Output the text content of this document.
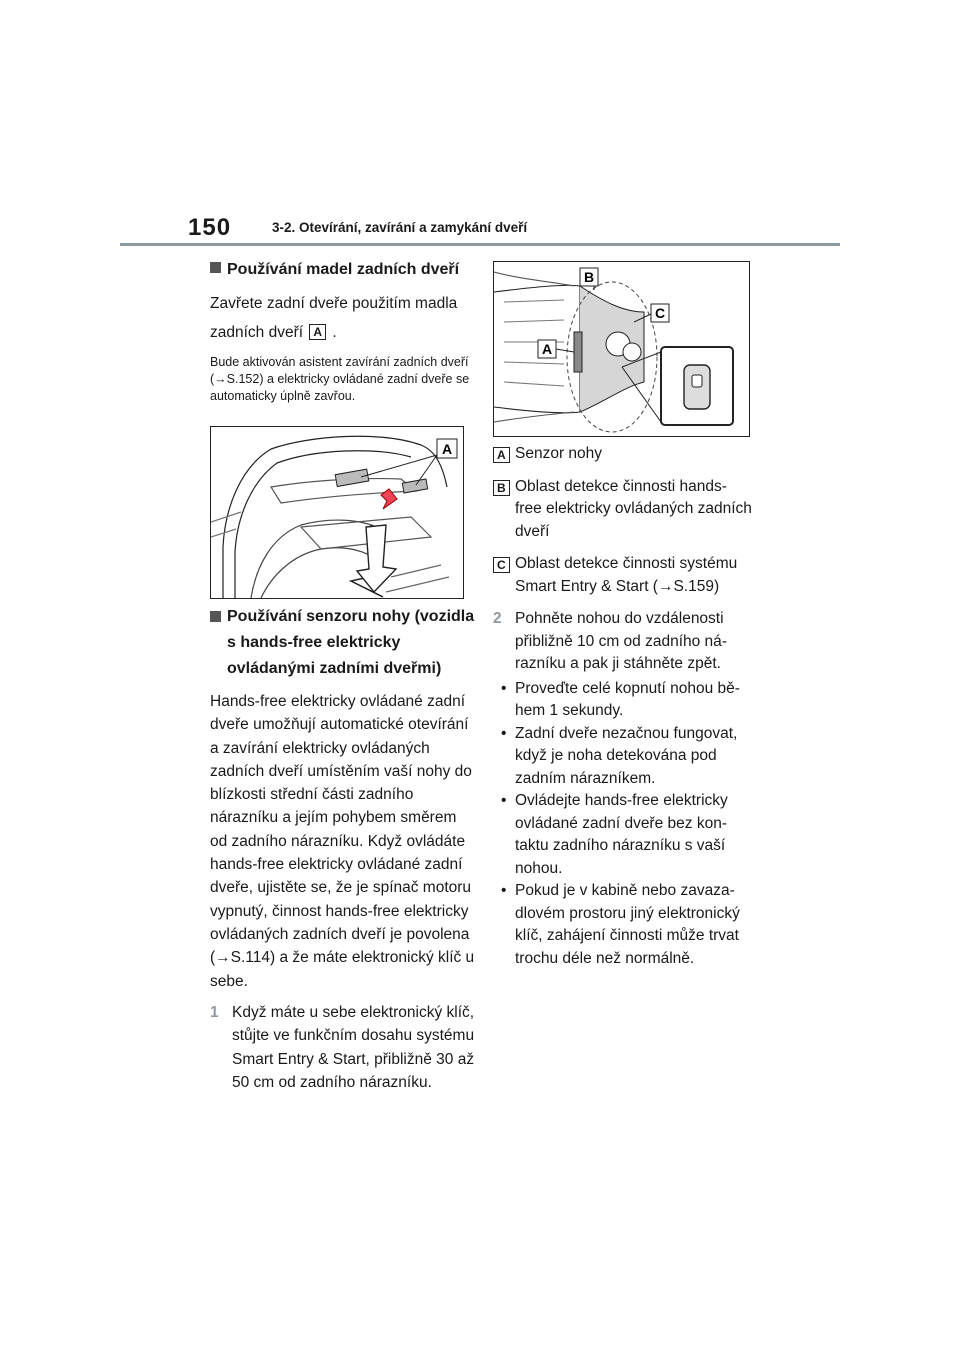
150	3-2. Otevírání, zavírání a zamykání dveří
Používání madel zadních dveří
Zavřete zadní dveře použitím madla
zadních dveří A .
Bude aktivován asistent zavírání zadních dveří (→S.152) a elektricky ovládané zadní dveře se automaticky úplně zavřou.
A
Používání senzoru nohy (vozidla s hands-free elektricky ovládanými zadními dveřmi)
Hands-free elektricky ovládané zadní dveře umožňují automatické otevírání a zavírání elektricky ovládaných zadních dveří umístěním vaší nohy do blízkosti střední části zadního nárazníku a jejím pohybem směrem od zadního nárazníku. Když ovládáte hands-free elektricky ovládané zadní dveře, ujistěte se, že je spínač motoru vypnutý, činnost hands-free elektricky ovládaných zadních dveří je povolena (→S.114) a že máte elektronický klíč u sebe.
1 Když máte u sebe elektronický klíč, stůjte ve funkčním dosahu systému Smart Entry & Start, přibližně 30 až 50 cm od zadního nárazníku.
B
C
A
A Senzor nohy
B Oblast detekce činnosti hands-free elektricky ovládaných zadních dveří
C Oblast detekce činnosti systému Smart Entry & Start (→S.159)
2 Pohněte nohou do vzdálenosti přibližně 10 cm od zadního nárazníku a pak ji stáhněte zpět.
• Proveďte celé kopnutí nohou během 1 sekundy.
• Zadní dveře nezačnou fungovat, když je noha detekována pod zadním nárazníkem.
• Ovládejte hands-free elektricky ovládané zadní dveře bez kontaktu zadního nárazníku s vaší nohou.
• Pokud je v kabině nebo zavazadlovém prostoru jiný elektronický klíč, zahájení činnosti může trvat trochu déle než normálně.
